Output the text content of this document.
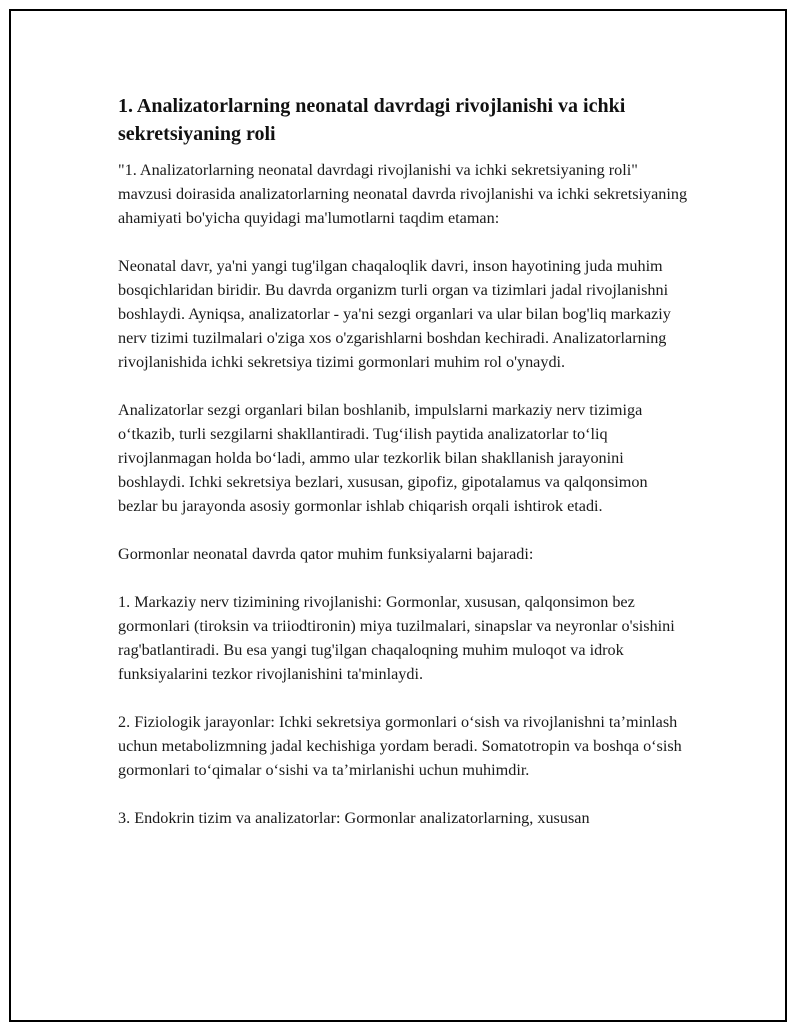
1. Analizatorlarning neonatal davrdagi rivojlanishi va ichki sekretsiyaning roli

"1. Analizatorlarning neonatal davrdagi rivojlanishi va ichki sekretsiyaning roli" mavzusi doirasida analizatorlarning neonatal davrda rivojlanishi va ichki sekretsiyaning ahamiyati bo'yicha quyidagi ma'lumotlarni taqdim etaman:

Neonatal davr, ya'ni yangi tug'ilgan chaqaloqlik davri, inson hayotining juda muhim bosqichlaridan biridir. Bu davrda organizm turli organ va tizimlari jadal rivojlanishni boshlaydi. Ayniqsa, analizatorlar - ya'ni sezgi organlari va ular bilan bog'liq markaziy nerv tizimi tuzilmalari o'ziga xos o'zgarishlarni boshdan kechiradi. Analizatorlarning rivojlanishida ichki sekretsiya tizimi gormonlari muhim rol o'ynaydi.

Analizatorlar sezgi organlari bilan boshlanib, impulslarni markaziy nerv tizimiga o‘tkazib, turli sezgilarni shakllantiradi. Tug‘ilish paytida analizatorlar to‘liq rivojlanmagan holda bo‘ladi, ammo ular tezkorlik bilan shakllanish jarayonini boshlaydi. Ichki sekretsiya bezlari, xususan, gipofiz, gipotalamus va qalqonsimon bezlar bu jarayonda asosiy gormonlar ishlab chiqarish orqali ishtirok etadi.

Gormonlar neonatal davrda qator muhim funksiyalarni bajaradi:

1. Markaziy nerv tizimining rivojlanishi: Gormonlar, xususan, qalqonsimon bez gormonlari (tiroksin va triiodtironin) miya tuzilmalari, sinapslar va neyronlar o'sishini rag'batlantiradi. Bu esa yangi tug'ilgan chaqaloqning muhim muloqot va idrok funksiyalarini tezkor rivojlanishini ta'minlaydi.

2. Fiziologik jarayonlar: Ichki sekretsiya gormonlari o‘sish va rivojlanishni ta’minlash uchun metabolizmning jadal kechishiga yordam beradi. Somatotropin va boshqa o‘sish gormonlari to‘qimalar o‘sishi va ta’mirlanishi uchun muhimdir.

3. Endokrin tizim va analizatorlar: Gormonlar analizatorlarning, xususan
